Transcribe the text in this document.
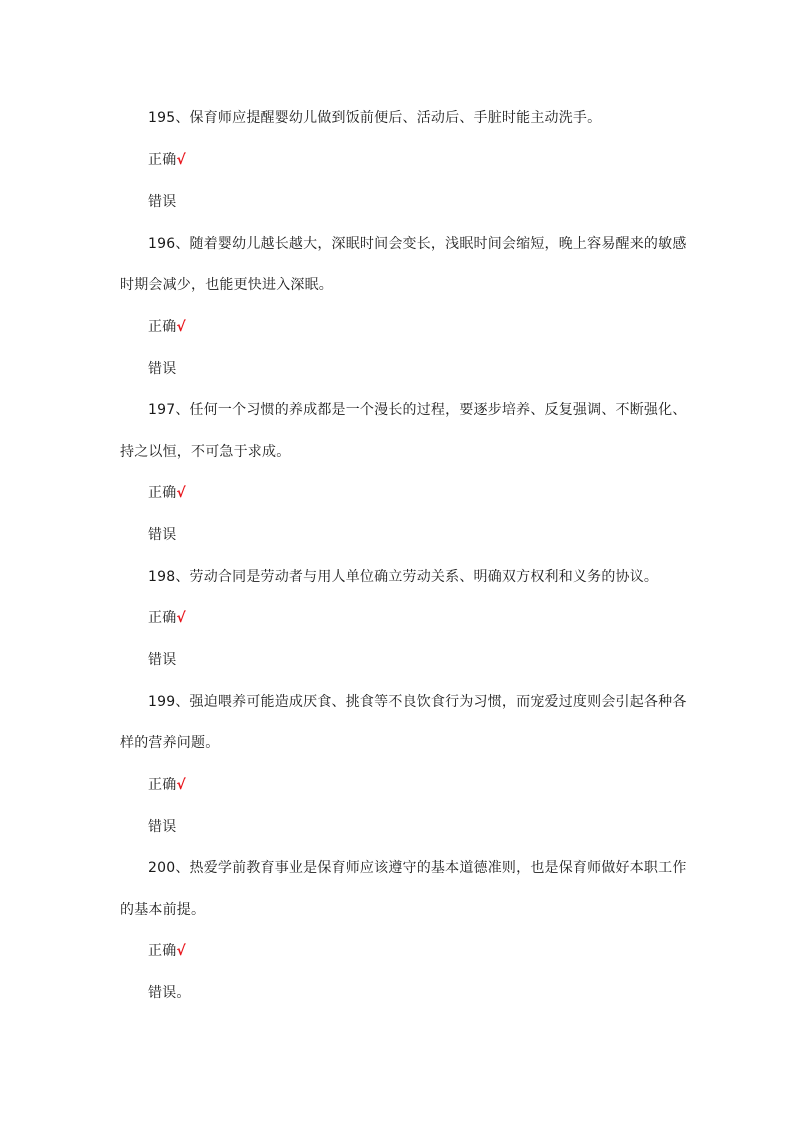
195、保育师应提醒婴幼儿做到饭前便后、活动后、手脏时能主动洗手。
正确√
错误
196、随着婴幼儿越长越大，深眠时间会变长，浅眠时间会缩短，晚上容易醒来的敏感
时期会减少，也能更快进入深眠。
正确√
错误
197、任何一个习惯的养成都是一个漫长的过程，要逐步培养、反复强调、不断强化、
持之以恒，不可急于求成。
正确√
错误
198、劳动合同是劳动者与用人单位确立劳动关系、明确双方权利和义务的协议。
正确√
错误
199、强迫喂养可能造成厌食、挑食等不良饮食行为习惯，而宠爱过度则会引起各种各
样的营养问题。
正确√
错误
200、热爱学前教育事业是保育师应该遵守的基本道德准则，也是保育师做好本职工作
的基本前提。
正确√
错误。
